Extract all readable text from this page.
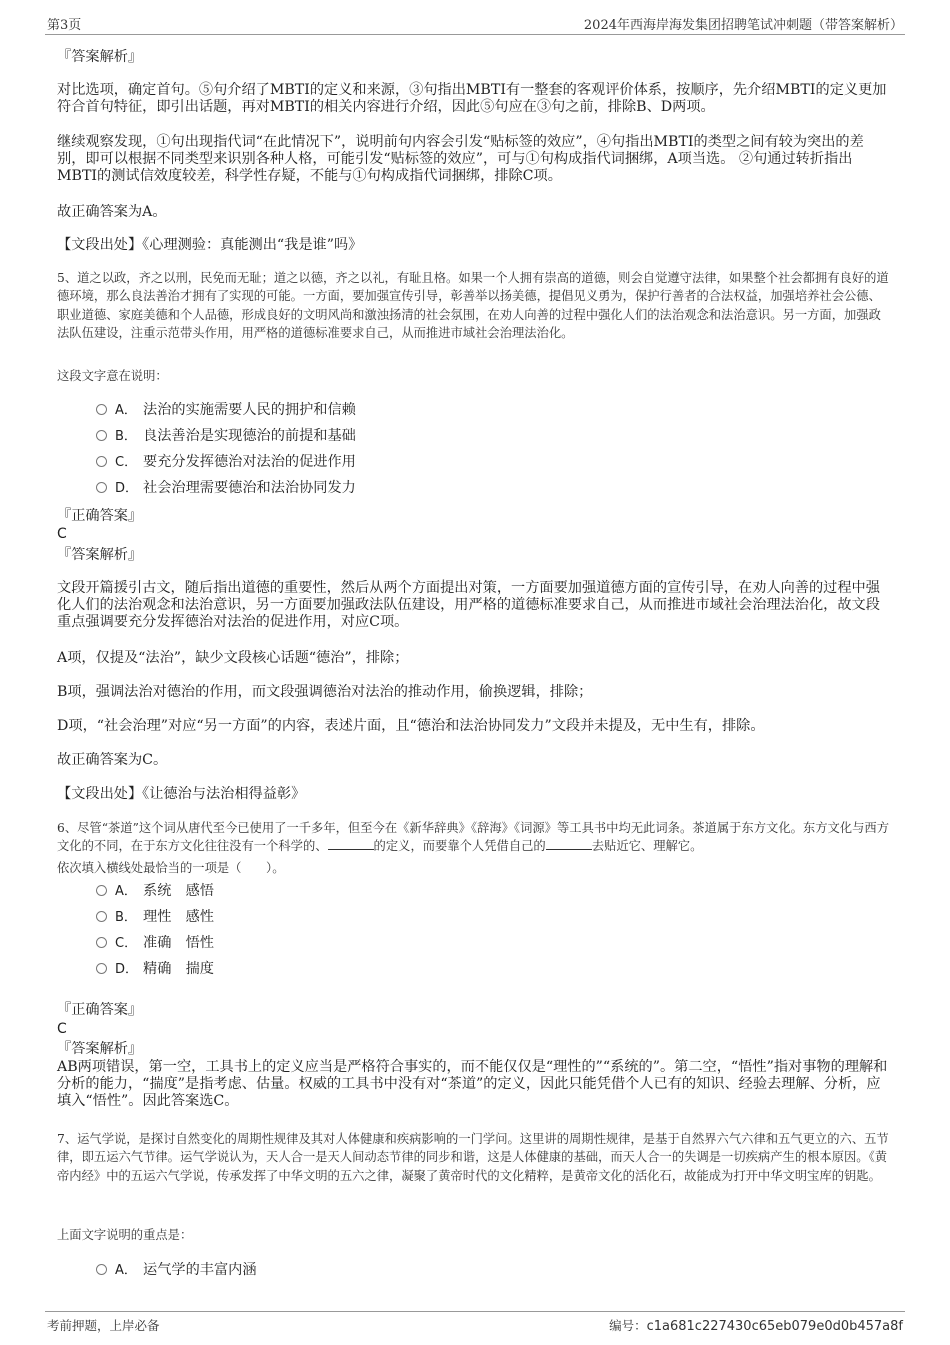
第3页	2024年西海岸海发集团招聘笔试冲刺题（带答案解析）
『答案解析』
对比选项，确定首句。⑤句介绍了MBTI的定义和来源，③句指出MBTI有一整套的客观评价体系，按顺序，先介绍MBTI的定义更加符合首句特征，即引出话题，再对MBTI的相关内容进行介绍，因此⑤句应在③句之前，排除B、D两项。
继续观察发现，①句出现指代词“在此情况下”，说明前句内容会引发“贴标签的效应”，④句指出MBTI的类型之间有较为突出的差别，即可以根据不同类型来识别各种人格，可能引发“贴标签的效应”，可与①句构成指代词捆绑，A项当选。 ②句通过转折指出MBTI的测试信效度较差，科学性存疑，不能与①句构成指代词捆绑，排除C项。
故正确答案为A。
【文段出处】《心理测验：真能测出“我是谁”吗》
5、道之以政，齐之以刑，民免而无耻；道之以德，齐之以礼，有耻且格。如果一个人拥有崇高的道德，则会自觉遵守法律，如果整个社会都拥有良好的道德环境，那么良法善治才拥有了实现的可能。一方面，要加强宣传引导，彰善举以扬美德，提倡见义勇为，保护行善者的合法权益，加强培养社会公德、职业道德、家庭美德和个人品德，形成良好的文明风尚和激浊扬清的社会氛围，在劝人向善的过程中强化人们的法治观念和法治意识。另一方面，加强政法队伍建设，注重示范带头作用，用严格的道德标准要求自己，从而推进市域社会治理法治化。
这段文字意在说明：
A． 法治的实施需要人民的拥护和信赖
B． 良法善治是实现德治的前提和基础
C． 要充分发挥德治对法治的促进作用
D． 社会治理需要德治和法治协同发力
『正确答案』
C
『答案解析』
文段开篇援引古文，随后指出道德的重要性，然后从两个方面提出对策，一方面要加强道德方面的宣传引导，在劝人向善的过程中强化人们的法治观念和法治意识，另一方面要加强政法队伍建设，用严格的道德标准要求自己，从而推进市域社会治理法治化，故文段重点强调要充分发挥德治对法治的促进作用，对应C项。
A项，仅提及“法治”，缺少文段核心话题“德治”，排除；
B项，强调法治对德治的作用，而文段强调德治对法治的推动作用，偷换逻辑，排除；
D项，“社会治理”对应“另一方面”的内容，表述片面，且“德治和法治协同发力”文段并未提及，无中生有，排除。
故正确答案为C。
【文段出处】《让德治与法治相得益彰》
6、尽管“茶道”这个词从唐代至今已使用了一千多年，但至今在《新华辞典》《辞海》《词源》等工具书中均无此词条。茶道属于东方文化。东方文化与西方文化的不同，在于东方文化往往没有一个科学的、	的定义，而要靠个人凭借自己的	去贴近它、理解它。
依次填入横线处最恰当的一项是（　　）。
A． 系统　感悟
B． 理性　感性
C． 准确　悟性
D． 精确　揣度
『正确答案』
C
『答案解析』
AB两项错误，第一空，工具书上的定义应当是严格符合事实的，而不能仅仅是“理性的”“系统的”。第二空，“悟性”指对事物的理解和分析的能力，“揣度”是指考虑、估量。权威的工具书中没有对“茶道”的定义，因此只能凭借个人已有的知识、经验去理解、分析，应填入“悟性”。因此答案选C。
7、运气学说，是探讨自然变化的周期性规律及其对人体健康和疾病影响的一门学问。这里讲的周期性规律，是基于自然界六气六律和五气更立的六、五节律，即五运六气节律。运气学说认为，天人合一是天人间动态节律的同步和谐，这是人体健康的基础，而天人合一的失调是一切疾病产生的根本原因。《黄帝内经》中的五运六气学说，传承发挥了中华文明的五六之律，凝聚了黄帝时代的文化精粹，是黄帝文化的活化石，故能成为打开中华文明宝库的钥匙。
上面文字说明的重点是：
A． 运气学的丰富内涵
考前押题，上岸必备	编号：c1a681c227430c65eb079e0d0b457a8f
